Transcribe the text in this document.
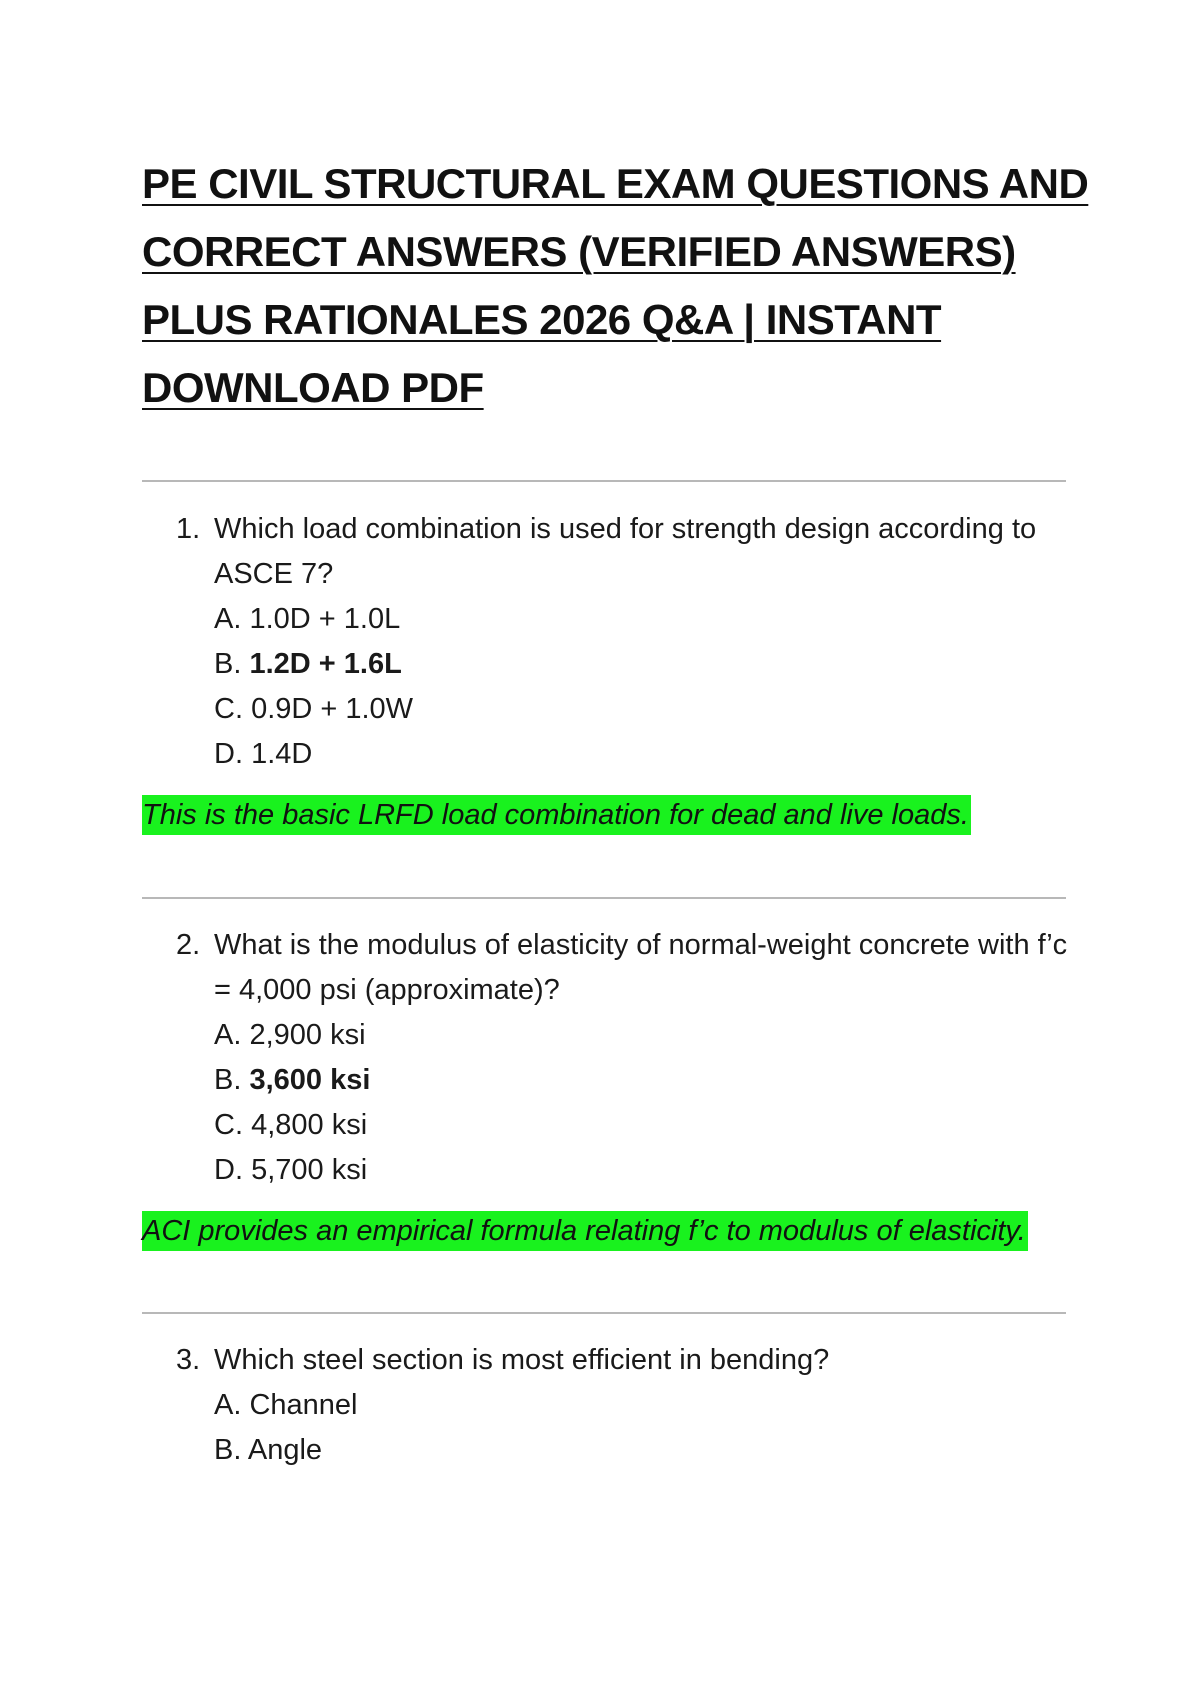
PE CIVIL STRUCTURAL EXAM QUESTIONS AND
CORRECT ANSWERS (VERIFIED ANSWERS)
PLUS RATIONALES 2026 Q&A | INSTANT
DOWNLOAD PDF

1. Which load combination is used for strength design according to ASCE 7?

A. 1.0D + 1.0L
B. 1.2D + 1.6L
C. 0.9D + 1.0W
D. 1.4D
This is the basic LRFD load combination for dead and live loads.

2. What is the modulus of elasticity of normal-weight concrete with f’c = 4,000 psi (approximate)?

A. 2,900 ksi
B. 3,600 ksi
C. 4,800 ksi
D. 5,700 ksi
ACI provides an empirical formula relating f’c to modulus of elasticity.

3. Which steel section is most efficient in bending?

A. Channel
B. Angle
